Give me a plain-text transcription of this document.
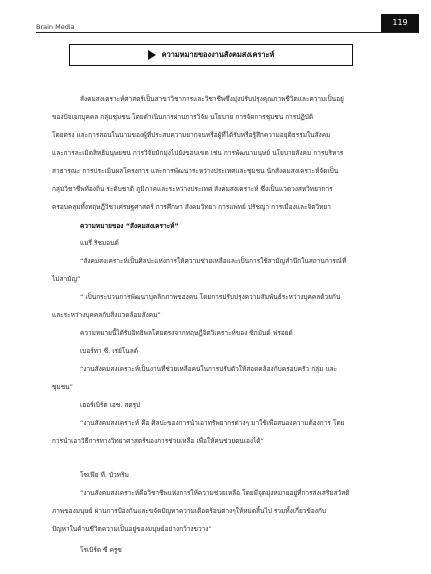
Brain Media	119
ความหมายของงานสังคมสงเคราะห์
สังคมสงเคราะห์ศาสตร์เป็นสาขาวิชาการและวิชาชีพซึ่งมุ่งปรับปรุงคุณภาพชีวิตและความเป็นอยู่
ของปัจเจกบุคคล กลุ่มชุมชน โดยดำเนินการผ่านการวิจัย นโยบาย การจัดการชุมชน การปฏิบัติ
โดยตรง และการสอนในนามของผู้ที่ประสบความยากจนหรือผู้ที่ได้รับหรือรู้สึกความอยุติธรรมในสังคม
และการละเมิดสิทธิมนุษยชน การวิจัยมักมุ่งไปยังขอบเขต เช่น การพัฒนามนุษย์ นโยบายสังคม การบริหาร
สาธารณะ การประเมินผลโครงการ และการพัฒนาระหว่างประเทศและชุมชน นักสังคมสงเคราะห์จัดเป็น
กลุ่มวิชาชีพท้องถิ่น ระดับชาติ ภูมิภาคและระหว่างประเทศ สังคมสงเคราะห์ ซึ่งเป็นแวดวงสหวิทยาการ
ครอบคลุมทั้งทฤษฎีวิชาเศรษฐศาสตร์ การศึกษา สังคมวิทยา การแพทย์ ปรัชญา การเมืองและจิตวิทยา
ความหมายของ “สังคมสงเคราะห์”
แมรี่ ริชมอนด์
“สังคมสงเคราะห์เป็นศิลปะแห่งการให้ความช่วยเหลือและเป็นการใช้สามัญสำนึกในสถานการณ์ที่
ไม่สามัญ”
“ เป็นกระบวนการพัฒนาบุคลิกภาพของคน โดยการปรับปรุงความสัมพันธ์ระหว่างบุคคลด้วยกัน
และระหว่างบุคคลกับสิ่งแวดล้อมสังคม”
ความหมายนี้ได้รับอิทธิพลโดยตรงจากทฤษฎีจิตวิเคราะห์ของ ซิกมันด์ ฟรอยด์
เบอร์ทา ซี. เรย์โนลด์
“งานสังคมสงเคราะห์เป็นงานที่ช่วยเหลือคนในการปรับตัวให้สอดคล้องกับครอบครัว กลุ่ม และ
ชุมชน”
เฮอร์เบิร์ต เอช. สตรุป
“งานสังคมสงเคราะห์ คือ ศิลปะของการนำเอาทรัพยากรต่างๆ มาใช้เพื่อสนองความต้องการ โดย
การนำเอาวิธีการทางวิทยาศาสตร์ของการช่วยเหลือ เพื่อให้คนช่วยตนเองได้”
โซเฟีย ที. บัวทริม
“งานสังคมสงเคราะห์คือวิชาชีพแห่งการให้ความช่วยเหลือ โดยมีจุดมุ่งหมายอยู่ที่การส่งเสริมสวัสดิ
ภาพของมนุษย์ ผ่านการป้องกันและขจัดปัญหาความเดือดร้อนต่างๆให้หมดสิ้นไป รวมทั้งเกี่ยวข้องกับ
ปัญหาในด้านชีวิตความเป็นอยู่ของมนุษย์อย่างกว้างขวาง”
โรเบิร์ต ซี ครูซ
